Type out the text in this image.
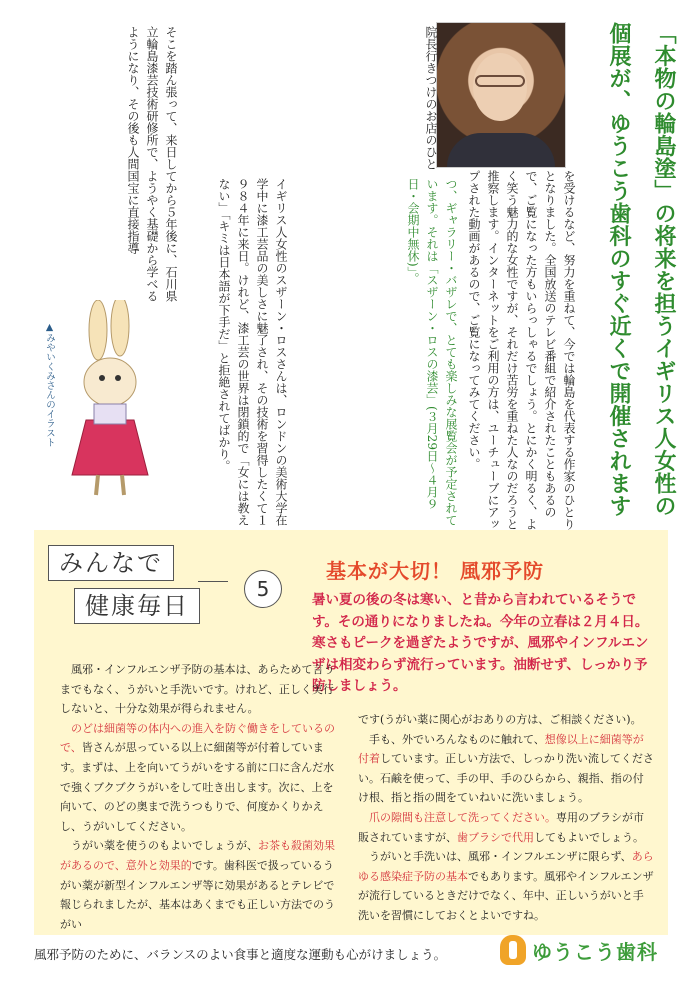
「本物の輪島塗」の将来を担うイギリス人女性の
個展が、ゆうこう歯科のすぐ近くで開催されます
を受けるなど、努力を重ねて、今では輪島を代表する作家のひとりとなりました。全国放送のテレビ番組で紹介されたこともあるので、ご覧になった方もいらっしゃるでしょう。とにかく明るく、よく笑う魅力的な女性ですが、それだけ苦労を重ねた人なのだろうと推察します。インターネットをご利用の方は、ユーチューブにアップされた動画があるので、ご覧になってみてください。
院長行きつけのお店のひと
つ、ギャラリー・バザレで、とても楽しみな展覧会が予定されています。それは「スザーン・ロスの漆芸」(３月29日〜４月９日・会期中無休)」。
イギリス人女性のスザーン・ロスさんは、ロンドンの美術大学在学中に漆工芸品の美しさに魅了され、その技術を習得したくて１９８４年に来日。けれど、漆工芸の世界は閉鎖的で「女には教えない」「キミは日本語が下手だ」と拒絶されてばかり。
そこを踏ん張って、来日してから５年後に、石川県立輪島漆芸技術研修所で、ようやく基礎から学べるようになり、その後も人間国宝に直接指導
▲みやいくみさんのイラスト
みんなで
健康毎日
5
基本が大切！ 風邪予防

暑い夏の後の冬は寒い、と昔から言われているそうです。その通りになりましたね。今年の立春は２月４日。寒さもピークを過ぎたようですが、風邪やインフルエンザは相変わらず流行っています。油断せず、しっかり予防しましょう。

風邪・インフルエンザ予防の基本は、あらためて言うまでもなく、うがいと手洗いです。けれど、正しく実行しないと、十分な効果が得られません。

のどは細菌等の体内への進入を防ぐ働きをしているので、皆さんが思っている以上に細菌等が付着しています。まずは、上を向いてうがいをする前に口に含んだ水で強くブクブクうがいをして吐き出します。次に、上を向いて、のどの奥まで洗うつもりで、何度かくりかえし、うがいしてください。

うがい薬を使うのもよいでしょうが、お茶も殺菌効果があるので、意外と効果的です。歯科医で扱っているうがい薬が新型インフルエンザ等に効果があるとテレビで報じられましたが、基本はあくまでも正しい方法でのうがい

です(うがい薬に関心がおありの方は、ご相談ください)。

手も、外でいろんなものに触れて、想像以上に細菌等が付着しています。正しい方法で、しっかり洗い流してください。石鹸を使って、手の甲、手のひらから、親指、指の付け根、指と指の間をていねいに洗いましょう。

爪の隙間も注意して洗ってください。専用のブラシが市販されていますが、歯ブラシで代用してもよいでしょう。

うがいと手洗いは、風邪・インフルエンザに限らず、あらゆる感染症予防の基本でもあります。風邪やインフルエンザが流行しているときだけでなく、年中、正しいうがいと手洗いを習慣にしておくとよいですね。

風邪予防のために、バランスのよい食事と適度な運動も心がけましょう。	ゆうこう歯科
